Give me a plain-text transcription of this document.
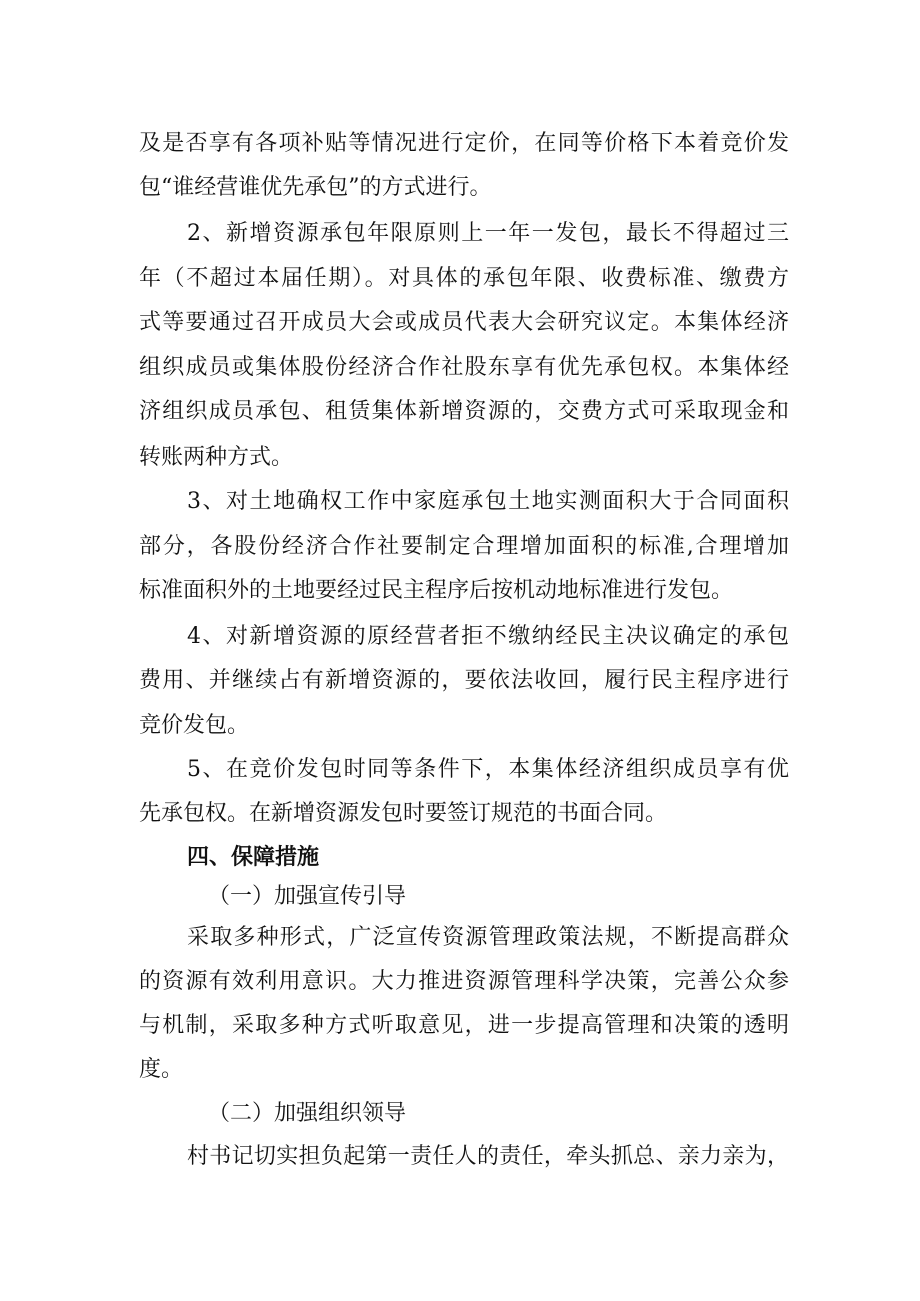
及是否享有各项补贴等情况进行定价，在同等价格下本着竞价发
包“谁经营谁优先承包”的方式进行。
2、新增资源承包年限原则上一年一发包，最长不得超过三
年（不超过本届任期）。对具体的承包年限、收费标准、缴费方
式等要通过召开成员大会或成员代表大会研究议定。本集体经济
组织成员或集体股份经济合作社股东享有优先承包权。本集体经
济组织成员承包、租赁集体新增资源的，交费方式可采取现金和
转账两种方式。
3、对土地确权工作中家庭承包土地实测面积大于合同面积
部分，各股份经济合作社要制定合理增加面积的标准,合理增加
标准面积外的土地要经过民主程序后按机动地标准进行发包。
4、对新增资源的原经营者拒不缴纳经民主决议确定的承包
费用、并继续占有新增资源的，要依法收回，履行民主程序进行
竞价发包。
5、在竞价发包时同等条件下，本集体经济组织成员享有优
先承包权。在新增资源发包时要签订规范的书面合同。
四、保障措施
（一）加强宣传引导
采取多种形式，广泛宣传资源管理政策法规，不断提高群众
的资源有效利用意识。大力推进资源管理科学决策，完善公众参
与机制，采取多种方式听取意见，进一步提高管理和决策的透明
度。
（二）加强组织领导
村书记切实担负起第一责任人的责任，牵头抓总、亲力亲为，
